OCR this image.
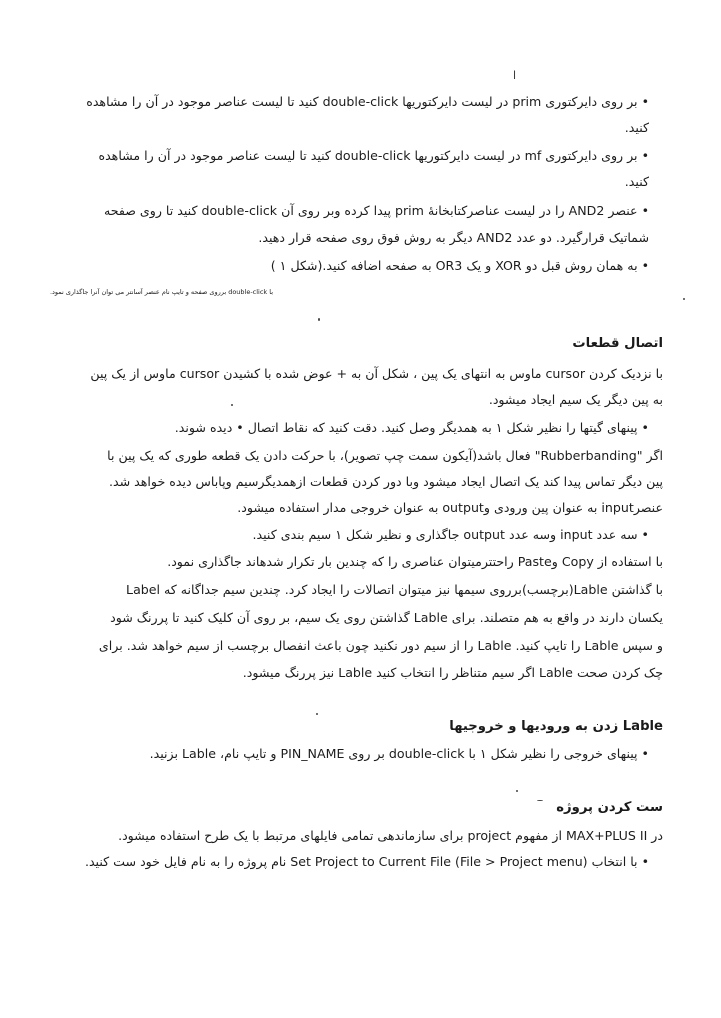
ا
• بر روی دایرکتوری prim در لیست دایرکتوریها double-click کنید تا لیست عناصر موجود در آن را مشاهده
کنید.
• بر روی دایرکتوری mf در لیست دایرکتوریها double-click کنید تا لیست عناصر موجود در آن را مشاهده
کنید.
• عنصر AND2 را در لیست عناصرکتابخانهٔ prim پیدا کرده وبر روی آن double-click کنید تا روی صفحه
شماتیک قرارگیرد. دو عدد AND2 دیگر به روش فوق روی صفحه قرار دهید.
• به همان روش قبل دو XOR و یک OR3 به صفحه اضافه کنید.(شکل ۱ )
با double-click برروی صفحه و تایپ نام عنصر آسانتر می توان آنرا جاگذاری نمود.
اتصال قطعات
با نزدیک کردن cursor ماوس به انتهای یک پین ، شکل آن به + عوض شده با کشیدن cursor ماوس از یک پین
به پین دیگر یک سیم ایجاد میشود.
• پینهای گیتها را نظیر شکل ۱ به همدیگر وصل کنید. دقت کنید که نقاط اتصال • دیده شوند.
اگر "Rubberbanding" فعال باشد(آیکون سمت چپ تصویر)، با حرکت دادن یک قطعه طوری که یک پین با
پین دیگر تماس پیدا کند یک اتصال ایجاد میشود وبا دور کردن قطعات ازهمدیگرسیم وپاباس دیده خواهد شد.
عنصرinput به عنوان پین ورودی وoutput به عنوان خروجی مدار استفاده میشود.
• سه عدد input وسه عدد output جاگذاری و نظیر شکل ۱ سیم بندی کنید.
با استفاده از Copy وPaste راحتترمیتوان عناصری را که چندین بار تکرار شدهاند جاگذاری نمود.
با گذاشتن Lable(برچسب)برروی سیمها نیز میتوان اتصالات را ایجاد کرد. چندین سیم جداگانه که Label
یکسان دارند در واقع به هم متصلند. برای Lable گذاشتن روی یک سیم، بر روی آن کلیک کنید تا پررنگ شود
و سپس Lable را تایپ کنید. Lable را از سیم دور نکنید چون باعث انفصال برچسب از سیم خواهد شد. برای
چک کردن صحت Lable اگر سیم متناظر را انتخاب کنید Lable نیز پررنگ میشود.
Lable زدن به ورودیها و خروجیها
• پینهای خروجی را نظیر شکل ۱ با double-click بر روی PIN_NAME و تایپ نام، Lable بزنید.
ست کردن پروژه
در MAX+PLUS II از مفهوم project برای سازماندهی تمامی فایلهای مرتبط با یک طرح استفاده میشود.
• با انتخاب (File > Project menu) Set Project to Current File نام پروژه را به نام فایل خود ست کنید.
